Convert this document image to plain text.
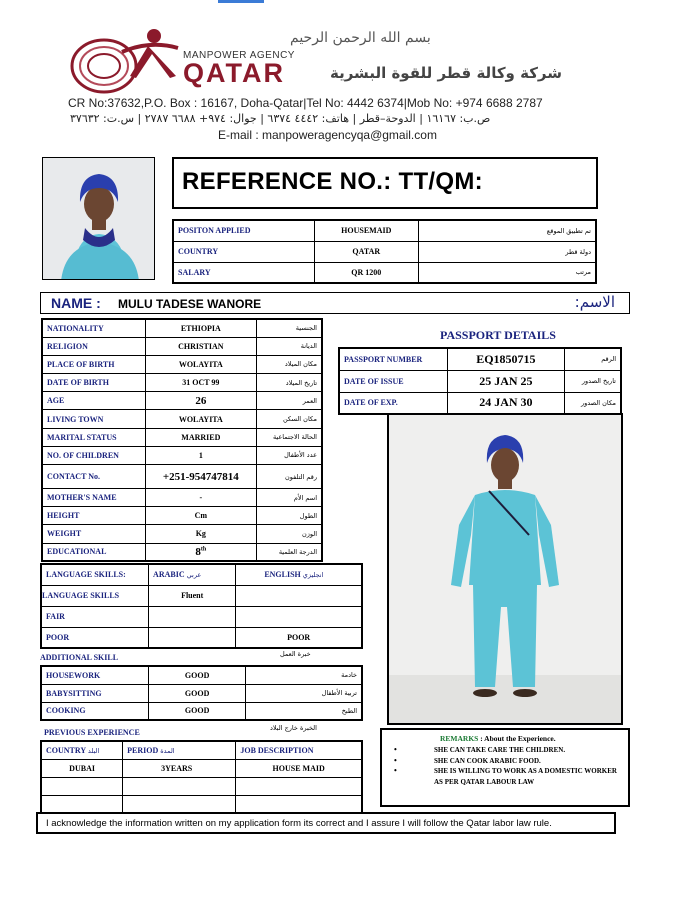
بسم الله الرحمن الرحيم
MANPOWER AGENCY
QATAR	شركة وكالة قطر للقوة البشرية
CR No:37632,P.O. Box : 16167, Doha-Qatar|Tel No: 4442 6374|Mob No: +974 6688 2787
ص.ب: ١٦١٦٧ | الدوحة–قطر | هاتف: ٤٤٤٢ ٦٣٧٤ | جوال: ٩٧٤+ ٦٦٨٨ ٢٧٨٧ | س.ت: ٣٧٦٣٢
E-mail : manpoweragencyqa@gmail.com
REFERENCE NO.: TT/QM:
POSITON APPLIED	HOUSEMAID	تم تطبيق الموقع
COUNTRY	QATAR	دولة قطر
SALARY	QR 1200	مرتب
NAME : MULU TADESE WANORE	الاسم:
NATIONALITY	ETHIOPIA	الجنسية
RELIGION	CHRISTIAN	الديانة
PLACE OF BIRTH	WOLAYITA	مكان الميلاد
DATE OF BIRTH	31 OCT 99	تاريخ الميلاد
AGE	26	العمر
LIVING TOWN	WOLAYITA	مكان السكن
MARITAL STATUS	MARRIED	الحالة الاجتماعية
NO. OF CHILDREN	1	عدد الأطفال
CONTACT No.	+251-954747814	رقم التلفون
MOTHER'S NAME	-	اسم الأم
HEIGHT	Cm	الطول
WEIGHT	Kg	الوزن
EDUCATIONAL	8th	الدرجة العلمية
PASSPORT DETAILS
PASSPORT NUMBER	EQ1850715	الرقم
DATE OF ISSUE	25 JAN 25	تاريخ الصدور
DATE OF EXP.	24 JAN 30	مكان الصدور
LANGUAGE SKILLS:	ARABIC عربي	ENGLISH انجليزي
LANGUAGE SKILLS	Fluent	
FAIR		
POOR		POOR
ADDITIONAL SKILL	خبرة العمل
HOUSEWORK	GOOD	خادمة
BABYSITTING	GOOD	تربية الأطفال
COOKING	GOOD	الطبخ
PREVIOUS EXPERIENCE	الخبرة خارج البلاد
COUNTRY البلد	PERIOD المدة	JOB DESCRIPTION
DUBAI	3YEARS	HOUSE MAID

REMARKS : About the Experience.
• SHE CAN TAKE CARE THE CHILDREN.
• SHE CAN COOK ARABIC FOOD.
• SHE IS WILLING TO WORK AS A DOMESTIC WORKER AS PER QATAR LABOUR LAW
I acknowledge the information written on my application form its correct and I assure I will follow the Qatar labor law rule.
